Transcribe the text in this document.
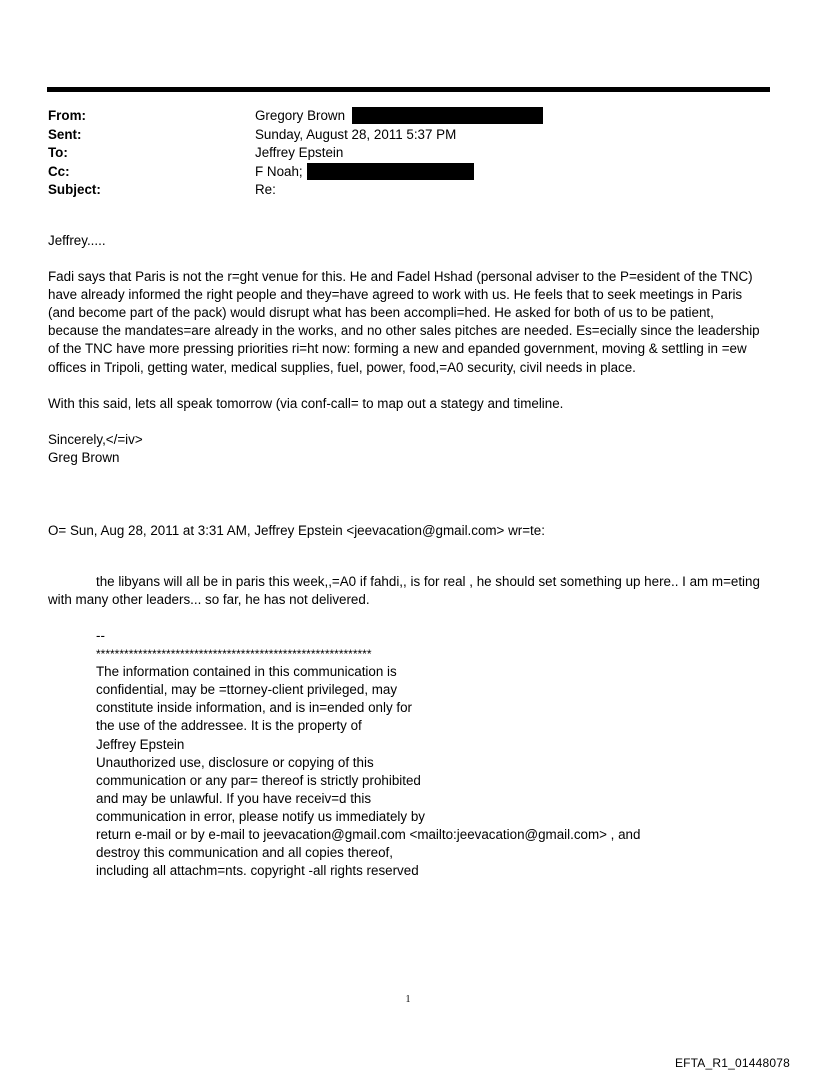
From:	Gregory Brown
Sent:	Sunday, August 28, 2011 5:37 PM
To:	Jeffrey Epstein
Cc:	F Noah;
Subject:	Re:

Jeffrey.....

Fadi says that Paris is not the r=ght venue for this. He and Fadel Hshad (personal adviser to the P=esident of the TNC) have already informed the right people and they=have agreed to work with us. He feels that to seek meetings in Paris (and become part of the pack) would disrupt what has been accompli=hed. He asked for both of us to be patient, because the mandates=are already in the works, and no other sales pitches are needed. Es=ecially since the leadership of the TNC have more pressing priorities ri=ht now: forming a new and epanded government, moving & settling in =ew offices in Tripoli, getting water, medical supplies, fuel, power, food,=A0 security, civil needs in place.

With this said, lets all speak tomorrow (via conf-call= to map out a stategy and timeline.

Sincerely,</=iv>

Greg Brown

O= Sun, Aug 28, 2011 at 3:31 AM, Jeffrey Epstein <jeevacation@gmail.com> wr=te:
the libyans will all be in paris this week,,=A0 if fahdi,, is for real , he should set something up here.. I am m=eting with many other leaders... so far, he has not delivered.
--
***********************************************************
The information contained in this communication is
confidential, may be =ttorney-client privileged, may
constitute inside information, and is in=ended only for
the use of the addressee. It is the property of
Jeffrey Epstein
Unauthorized use, disclosure or copying of this
communication or any par= thereof is strictly prohibited
and may be unlawful. If you have receiv=d this
communication in error, please notify us immediately by
return e-mail or by e-mail to jeevacation@gmail.com <mailto:jeevacation@gmail.com> , and
destroy this communication and all copies thereof,
including all attachm=nts. copyright -all rights reserved
1
EFTA_R1_01448078
